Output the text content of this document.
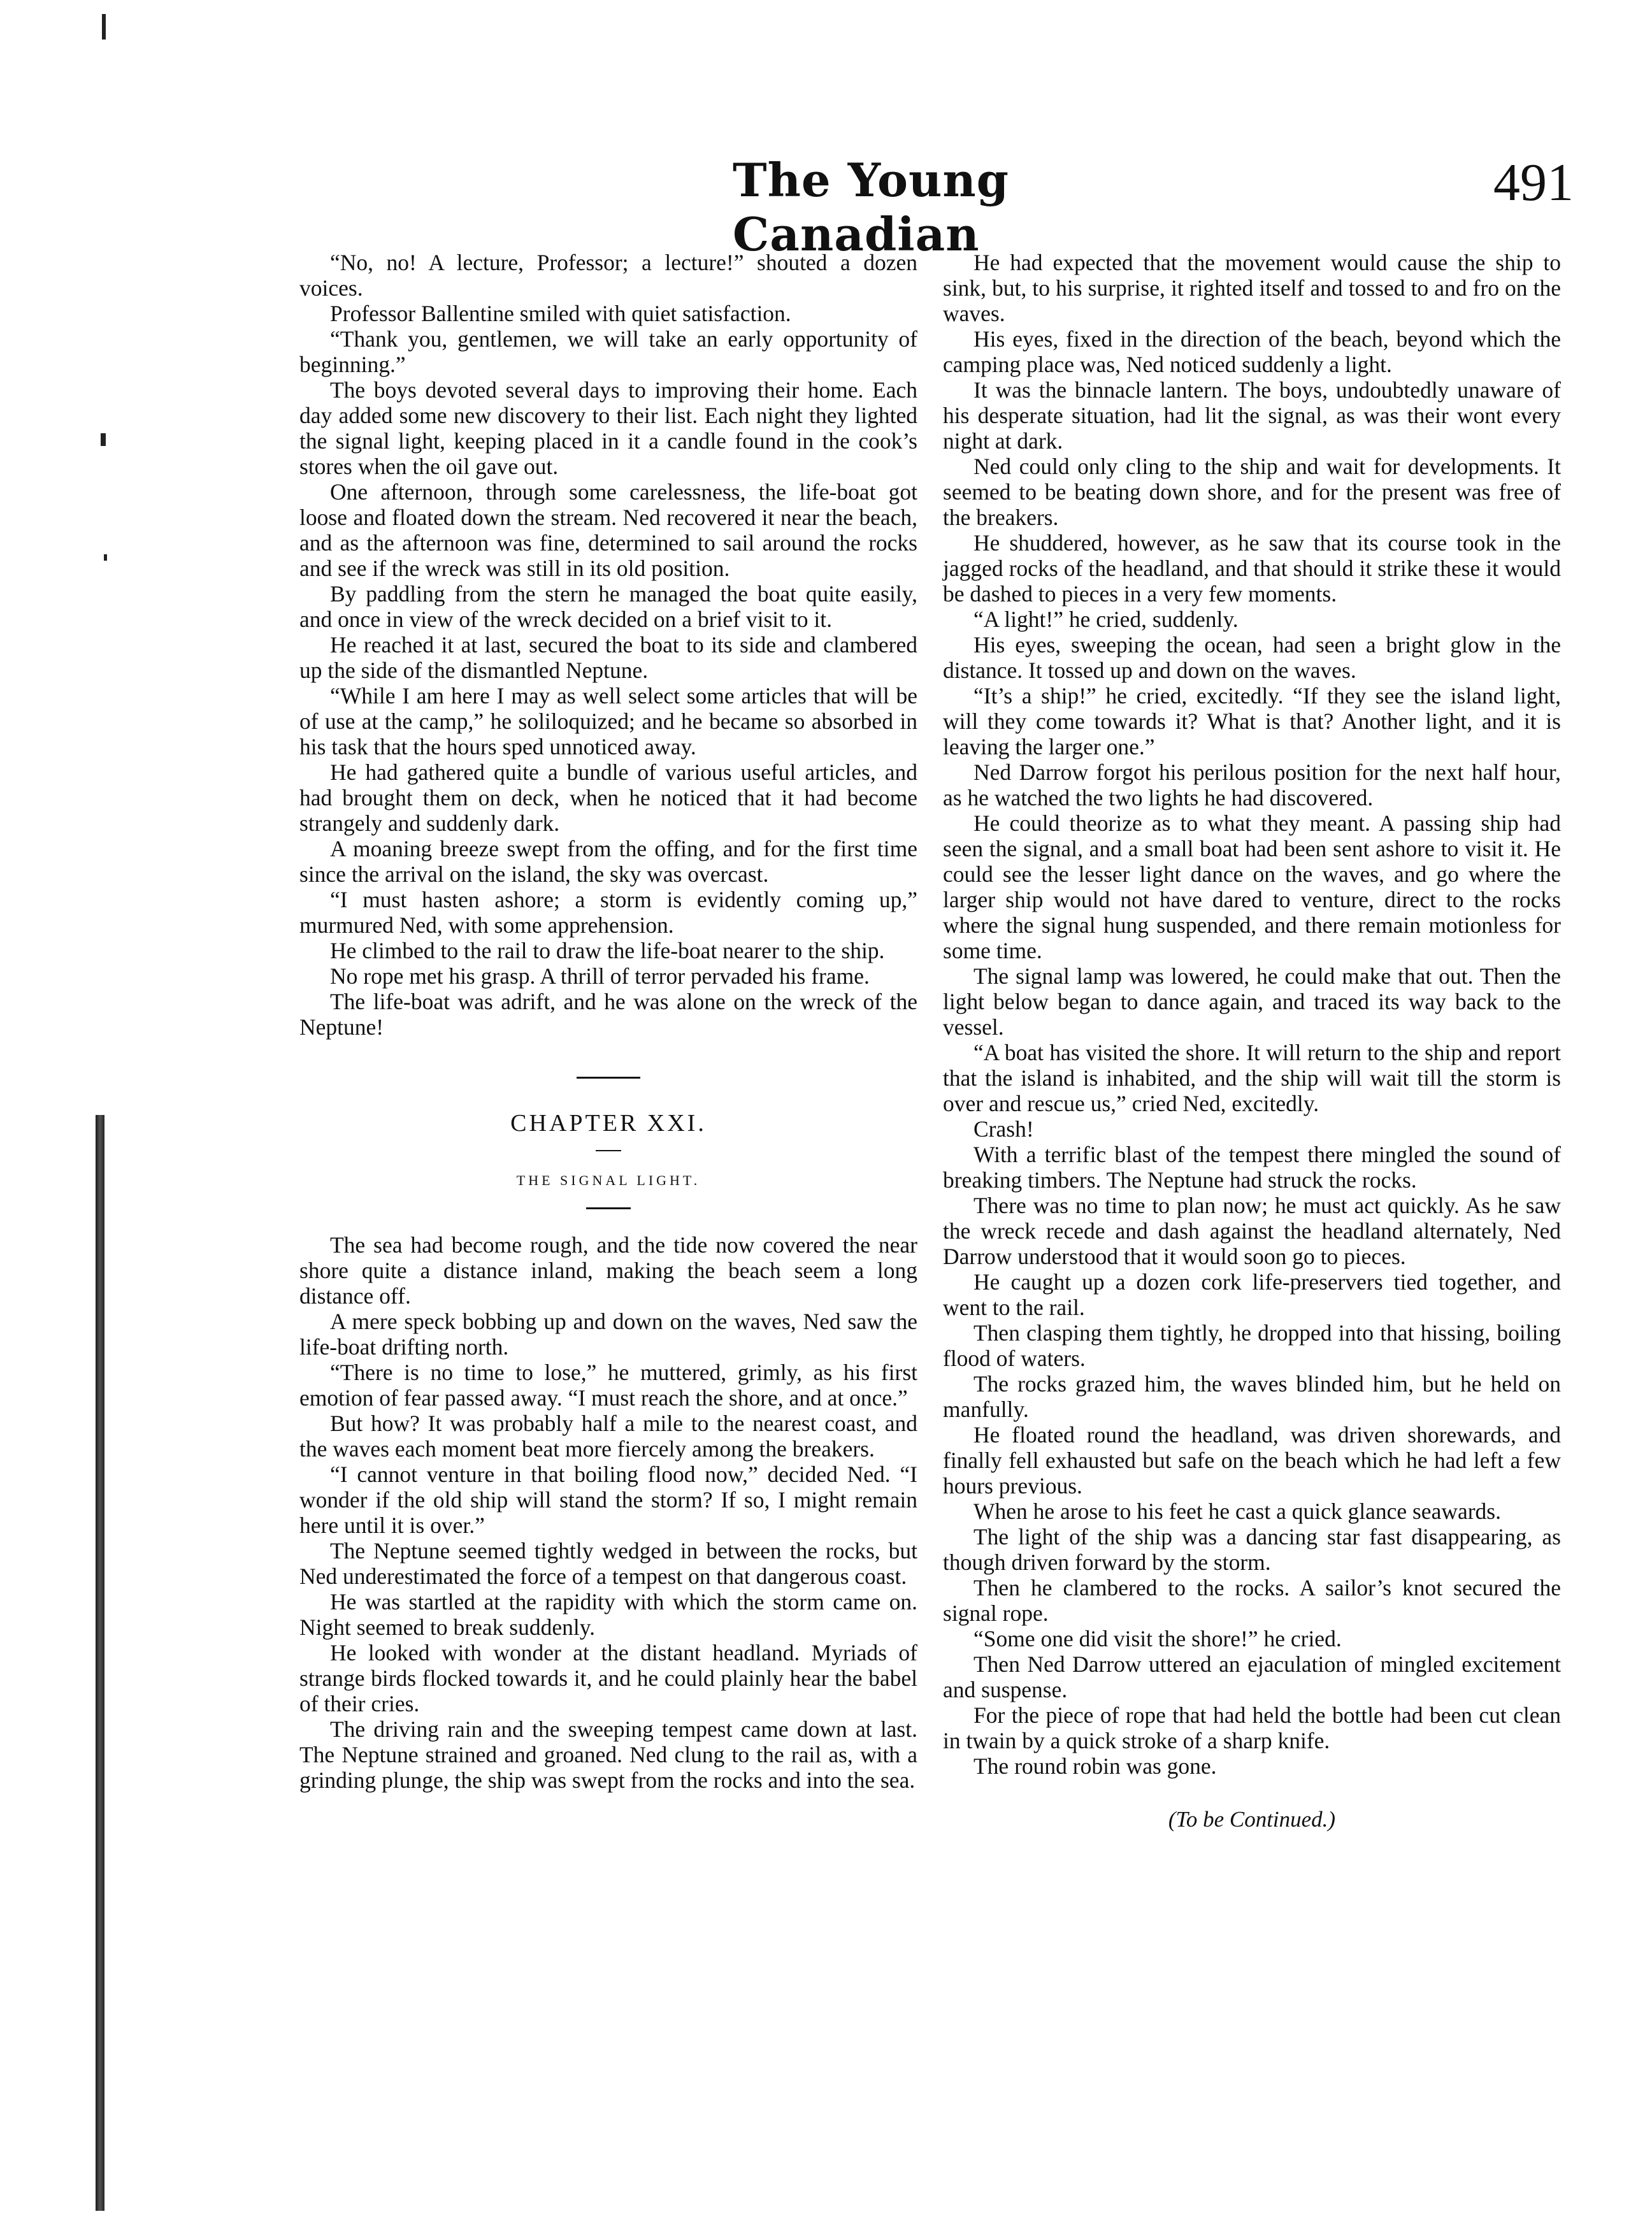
The Young Canadian
491

“No, no! A lecture, Professor; a lecture!” shouted a dozen voices.

Professor Ballentine smiled with quiet satisfaction.

“Thank you, gentlemen, we will take an early opportunity of beginning.”

The boys devoted several days to improving their home. Each day added some new discovery to their list. Each night they lighted the signal light, keeping placed in it a candle found in the cook’s stores when the oil gave out.

One afternoon, through some carelessness, the life-boat got loose and floated down the stream. Ned recovered it near the beach, and as the afternoon was fine, determined to sail around the rocks and see if the wreck was still in its old position.

By paddling from the stern he managed the boat quite easily, and once in view of the wreck decided on a brief visit to it.

He reached it at last, secured the boat to its side and clambered up the side of the dismantled Neptune.

“While I am here I may as well select some articles that will be of use at the camp,” he soliloquized; and he became so absorbed in his task that the hours sped unnoticed away.

He had gathered quite a bundle of various useful articles, and had brought them on deck, when he noticed that it had become strangely and suddenly dark.

A moaning breeze swept from the offing, and for the first time since the arrival on the island, the sky was overcast.

“I must hasten ashore; a storm is evidently coming up,” murmured Ned, with some apprehension.

He climbed to the rail to draw the life-boat nearer to the ship.

No rope met his grasp. A thrill of terror pervaded his frame.

The life-boat was adrift, and he was alone on the wreck of the Neptune!

CHAPTER XXI.
THE SIGNAL LIGHT.

The sea had become rough, and the tide now covered the near shore quite a distance inland, making the beach seem a long distance off.

A mere speck bobbing up and down on the waves, Ned saw the life-boat drifting north.

“There is no time to lose,” he muttered, grimly, as his first emotion of fear passed away. “I must reach the shore, and at once.”

But how? It was probably half a mile to the nearest coast, and the waves each moment beat more fiercely among the breakers.

“I cannot venture in that boiling flood now,” decided Ned. “I wonder if the old ship will stand the storm? If so, I might remain here until it is over.”

The Neptune seemed tightly wedged in between the rocks, but Ned underestimated the force of a tempest on that dangerous coast.

He was startled at the rapidity with which the storm came on. Night seemed to break suddenly.

He looked with wonder at the distant headland. Myriads of strange birds flocked towards it, and he could plainly hear the babel of their cries.

The driving rain and the sweeping tempest came down at last. The Neptune strained and groaned. Ned clung to the rail as, with a grinding plunge, the ship was swept from the rocks and into the sea.

He had expected that the movement would cause the ship to sink, but, to his surprise, it righted itself and tossed to and fro on the waves.

His eyes, fixed in the direction of the beach, beyond which the camping place was, Ned noticed suddenly a light.

It was the binnacle lantern. The boys, undoubtedly unaware of his desperate situation, had lit the signal, as was their wont every night at dark.

Ned could only cling to the ship and wait for developments. It seemed to be beating down shore, and for the present was free of the breakers.

He shuddered, however, as he saw that its course took in the jagged rocks of the headland, and that should it strike these it would be dashed to pieces in a very few moments.

“A light!” he cried, suddenly.

His eyes, sweeping the ocean, had seen a bright glow in the distance. It tossed up and down on the waves.

“It’s a ship!” he cried, excitedly. “If they see the island light, will they come towards it? What is that? Another light, and it is leaving the larger one.”

Ned Darrow forgot his perilous position for the next half hour, as he watched the two lights he had discovered.

He could theorize as to what they meant. A passing ship had seen the signal, and a small boat had been sent ashore to visit it. He could see the lesser light dance on the waves, and go where the larger ship would not have dared to venture, direct to the rocks where the signal hung suspended, and there remain motionless for some time.

The signal lamp was lowered, he could make that out. Then the light below began to dance again, and traced its way back to the vessel.

“A boat has visited the shore. It will return to the ship and report that the island is inhabited, and the ship will wait till the storm is over and rescue us,” cried Ned, excitedly.

Crash!

With a terrific blast of the tempest there mingled the sound of breaking timbers. The Neptune had struck the rocks.

There was no time to plan now; he must act quickly. As he saw the wreck recede and dash against the headland alternately, Ned Darrow understood that it would soon go to pieces.

He caught up a dozen cork life-preservers tied together, and went to the rail.

Then clasping them tightly, he dropped into that hissing, boiling flood of waters.

The rocks grazed him, the waves blinded him, but he held on manfully.

He floated round the headland, was driven shorewards, and finally fell exhausted but safe on the beach which he had left a few hours previous.

When he arose to his feet he cast a quick glance seawards.

The light of the ship was a dancing star fast disappearing, as though driven forward by the storm.

Then he clambered to the rocks. A sailor’s knot secured the signal rope.

“Some one did visit the shore!” he cried.

Then Ned Darrow uttered an ejaculation of mingled excitement and suspense.

For the piece of rope that had held the bottle had been cut clean in twain by a quick stroke of a sharp knife.

The round robin was gone.

(To be Continued.)
